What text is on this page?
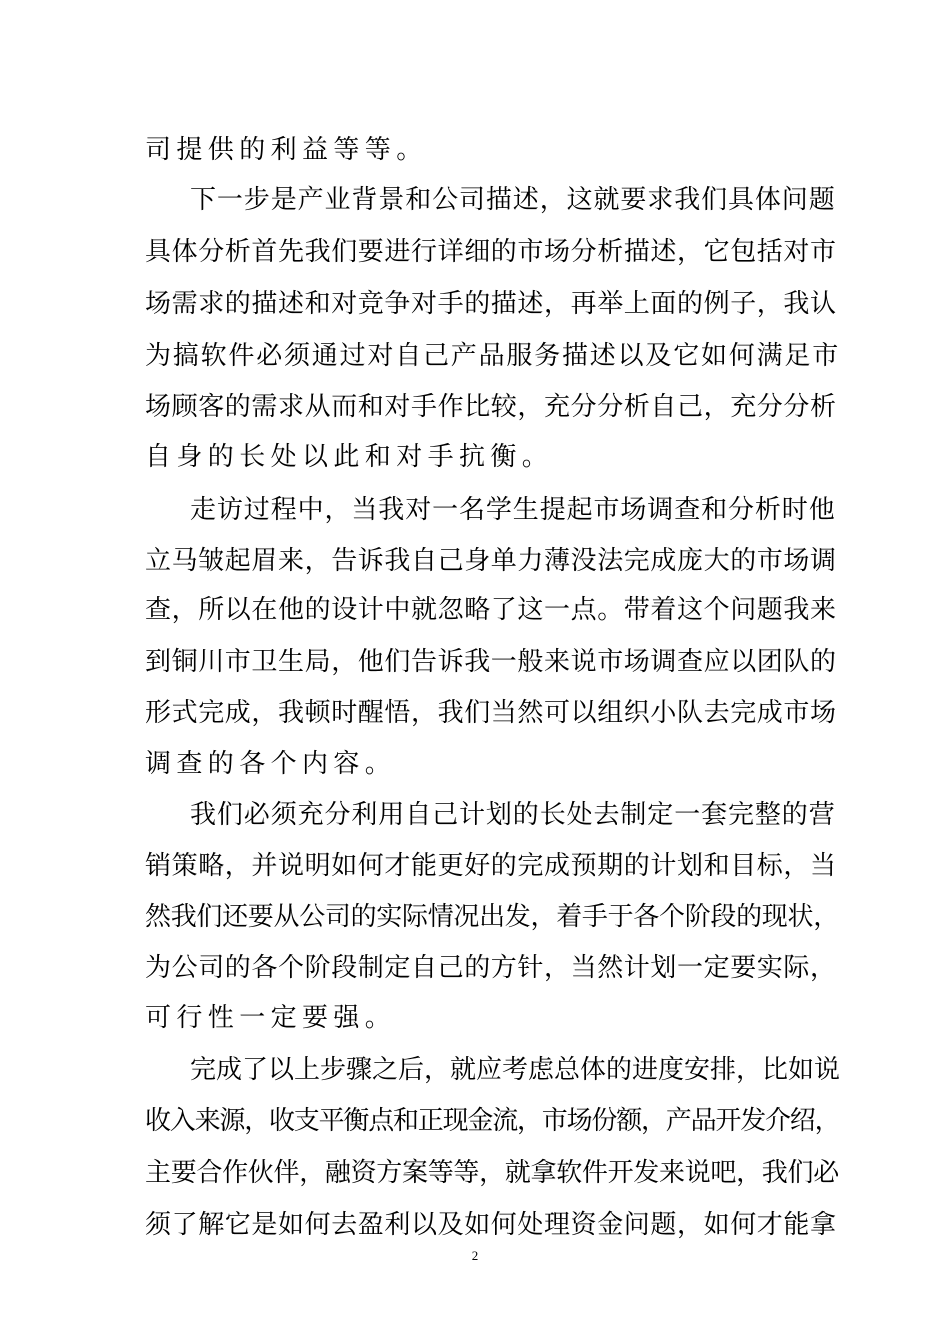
司提供的利益等等。

下一步是产业背景和公司描述，这就要求我们具体问题

具体分析首先我们要进行详细的市场分析描述，它包括对市

场需求的描述和对竞争对手的描述，再举上面的例子，我认

为搞软件必须通过对自己产品服务描述以及它如何满足市

场顾客的需求从而和对手作比较，充分分析自己，充分分析

自身的长处以此和对手抗衡。

走访过程中，当我对一名学生提起市场调查和分析时他

立马皱起眉来，告诉我自己身单力薄没法完成庞大的市场调

查，所以在他的设计中就忽略了这一点。带着这个问题我来

到铜川市卫生局，他们告诉我一般来说市场调查应以团队的

形式完成，我顿时醒悟，我们当然可以组织小队去完成市场

调查的各个内容。

我们必须充分利用自己计划的长处去制定一套完整的营

销策略，并说明如何才能更好的完成预期的计划和目标，当

然我们还要从公司的实际情况出发，着手于各个阶段的现状，

为公司的各个阶段制定自己的方针，当然计划一定要实际，

可行性一定要强。

完成了以上步骤之后，就应考虑总体的进度安排，比如说

收入来源，收支平衡点和正现金流，市场份额，产品开发介绍，

主要合作伙伴，融资方案等等，就拿软件开发来说吧，我们必

须了解它是如何去盈利以及如何处理资金问题，如何才能拿

2
